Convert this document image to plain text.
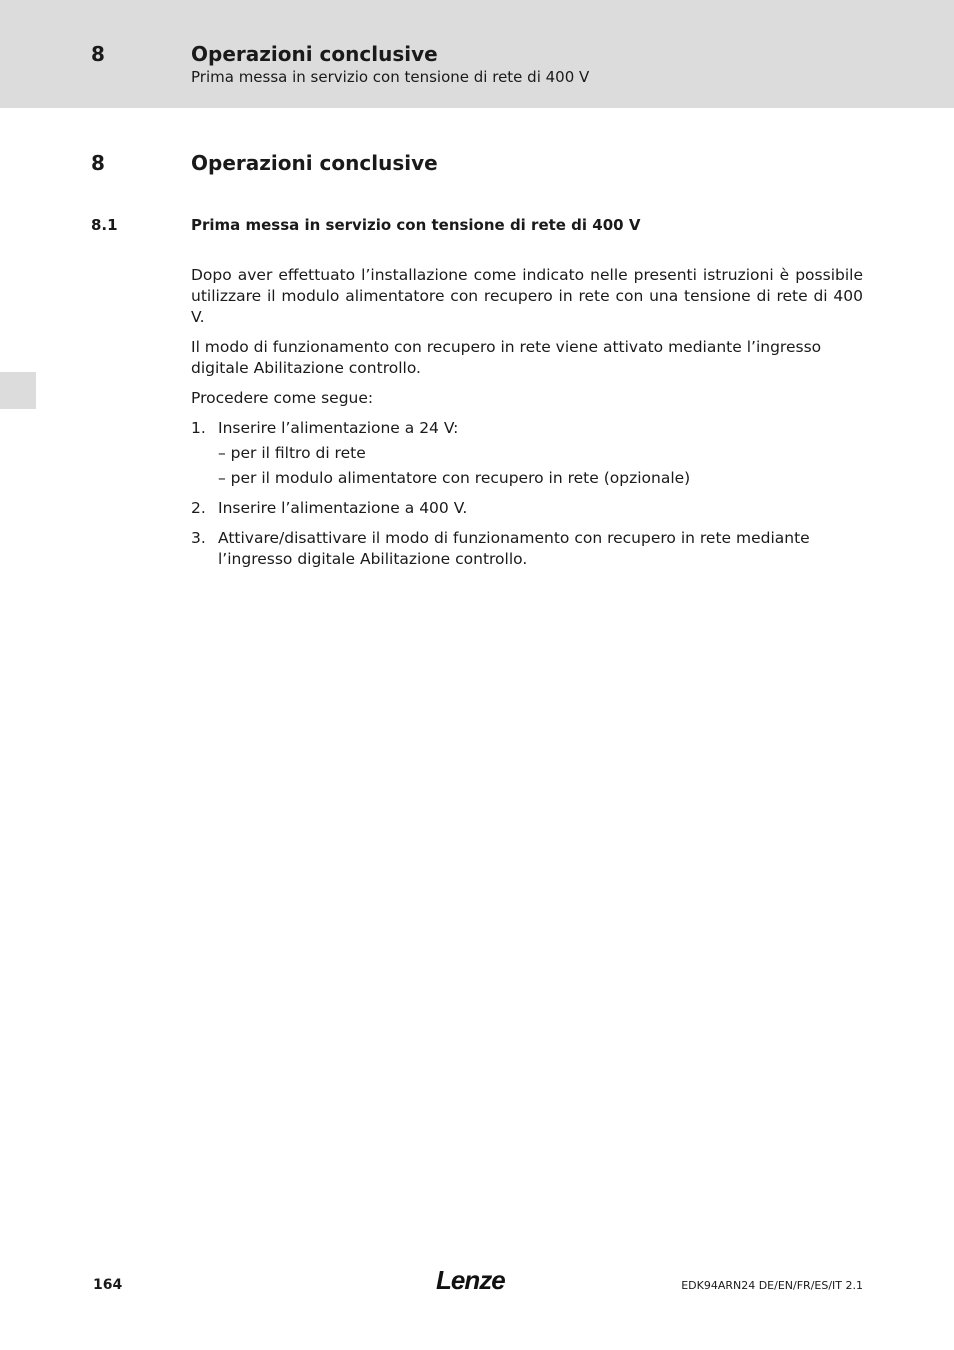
8	Operazioni conclusive
Prima messa in servizio con tensione di rete di 400 V
8	Operazioni conclusive
8.1	Prima messa in servizio con tensione di rete di 400 V

Dopo aver effettuato l’installazione come indicato nelle presenti istruzioni è possibile utilizzare il modulo alimentatore con recupero in rete con una tensione di rete di 400 V.

Il modo di funzionamento con recupero in rete viene attivato mediante l’ingresso digitale Abilitazione controllo.

Procedere come segue:

1. Inserire l’alimentazione a 24 V:
– per il filtro di rete
– per il modulo alimentatore con recupero in rete (opzionale)
2. Inserire l’alimentazione a 400 V.
3. Attivare/disattivare il modo di funzionamento con recupero in rete mediante l’ingresso digitale Abilitazione controllo.
164	Lenze	EDK94ARN24 DE/EN/FR/ES/IT 2.1
